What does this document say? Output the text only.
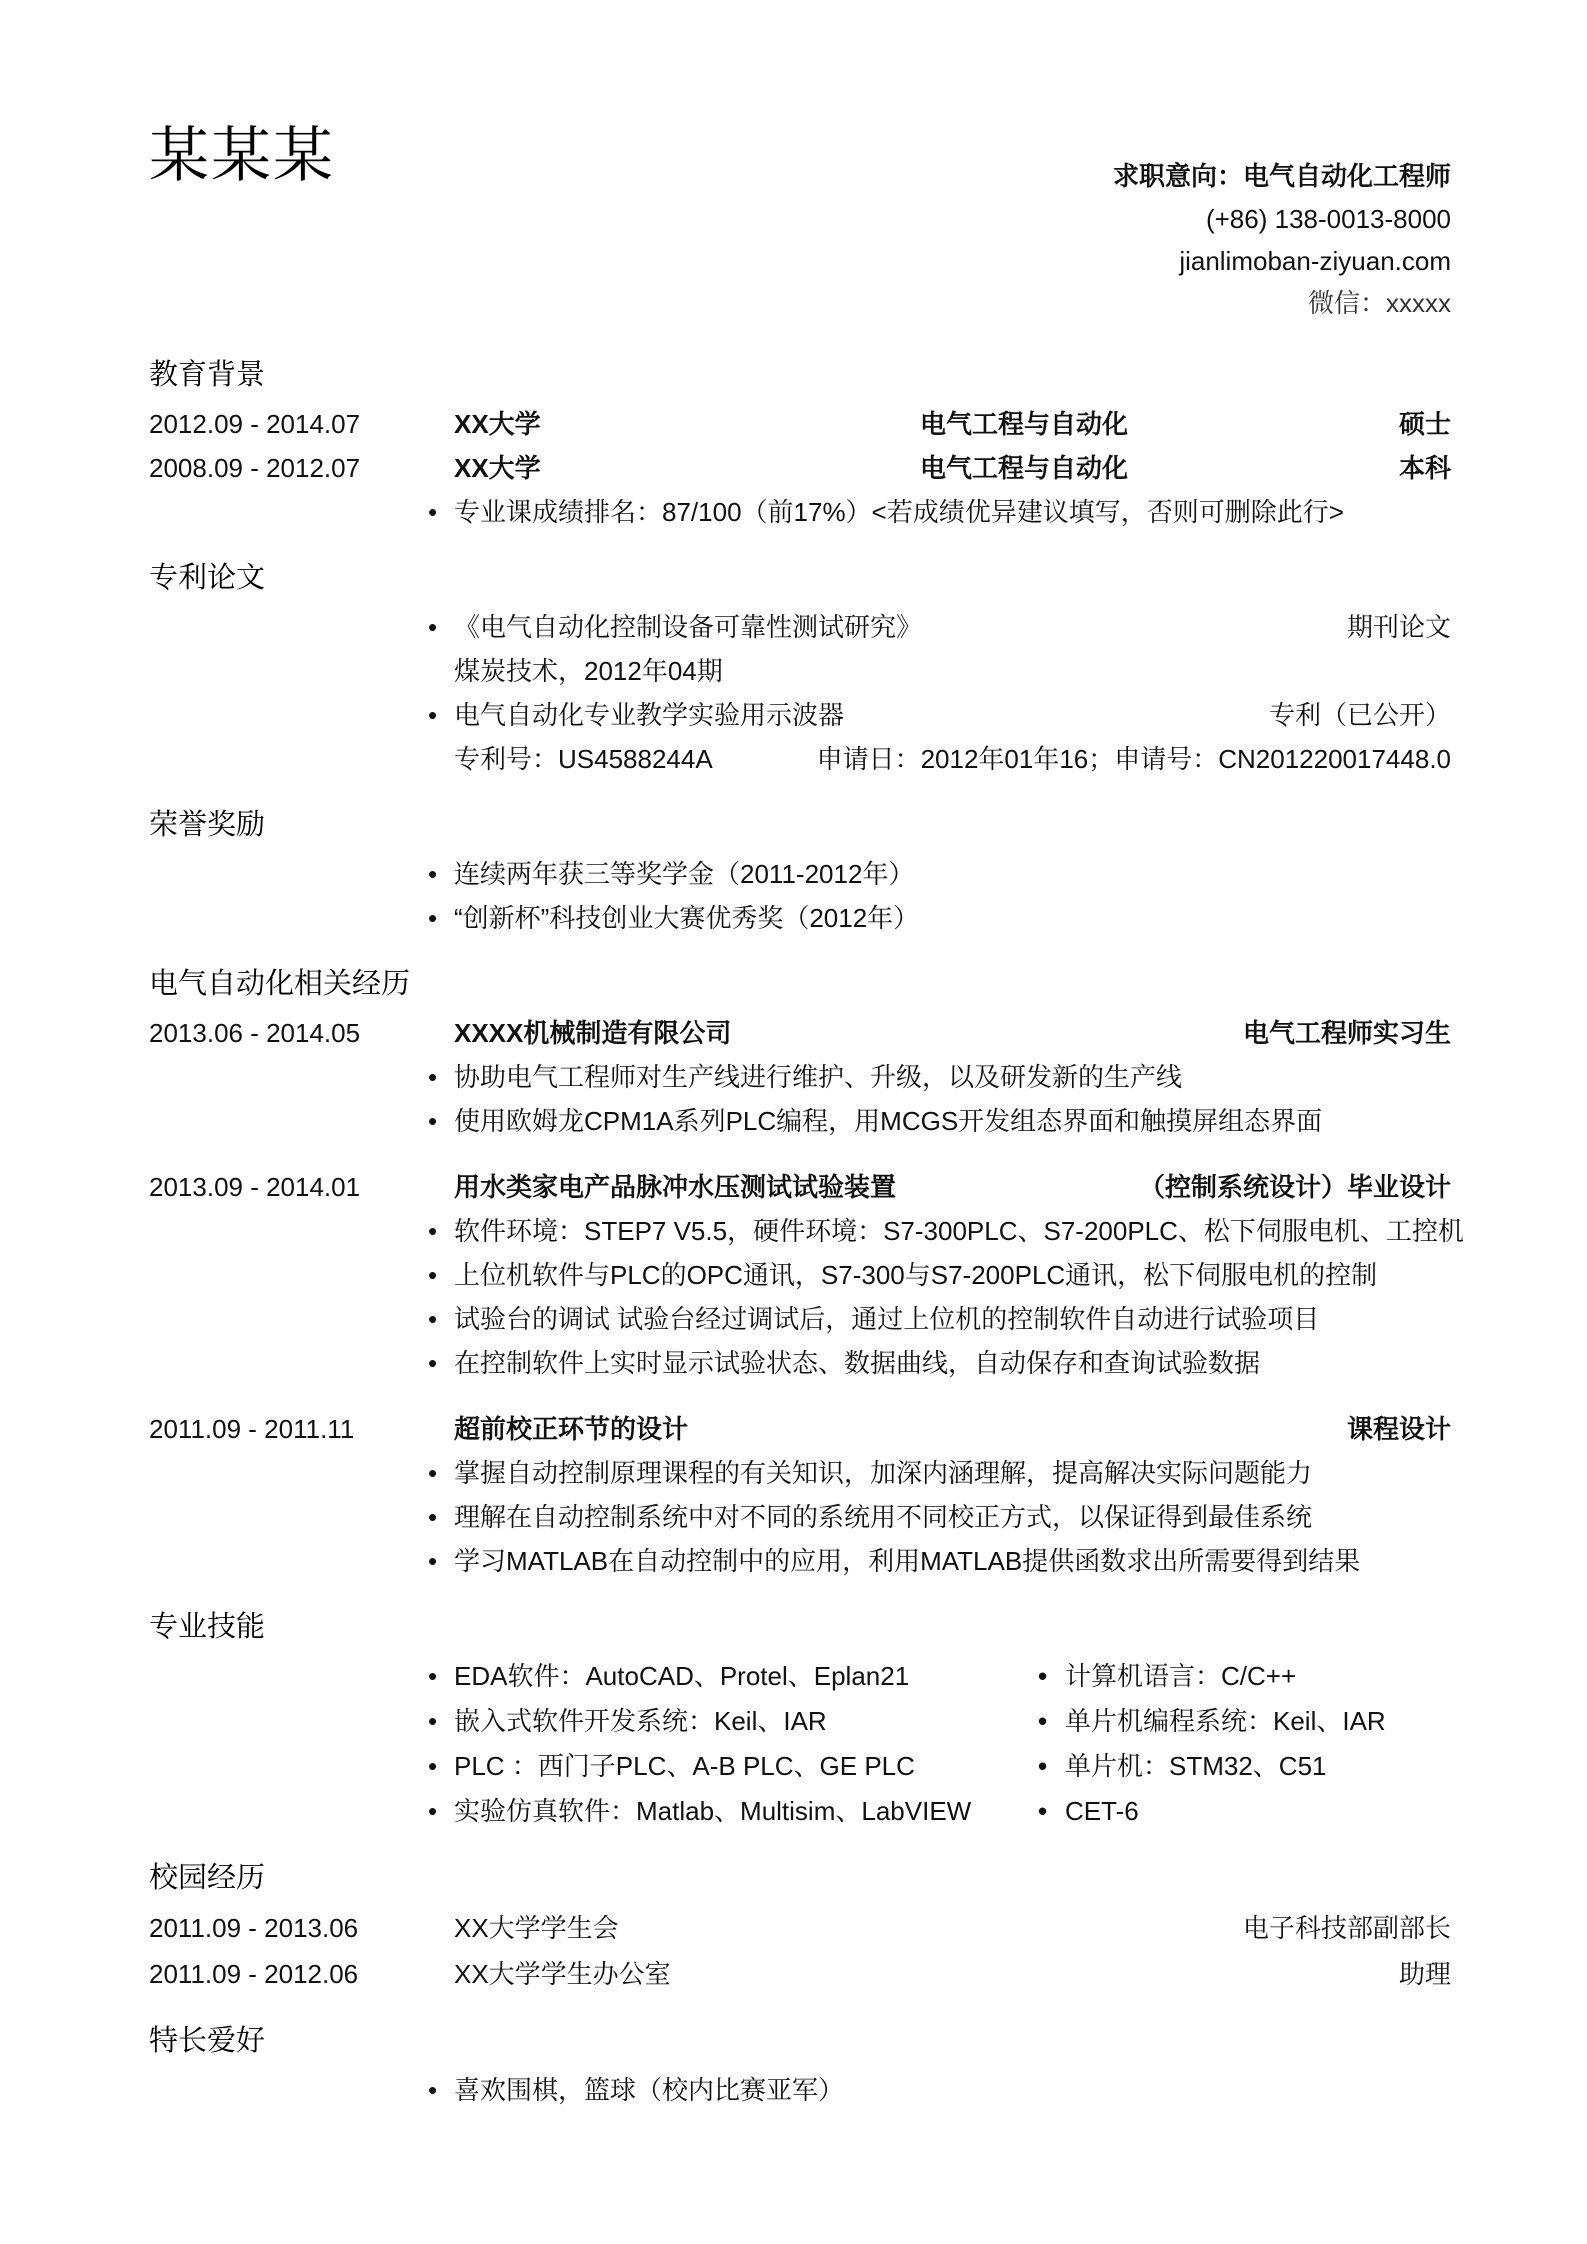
某某某	求职意向：电气自动化工程师
(+86) 138-0013-8000
jianlimoban-ziyuan.com
微信：xxxxx
教育背景
2012.09 - 2014.07	XX大学	电气工程与自动化	硕士
2008.09 - 2012.07	XX大学	电气工程与自动化	本科
• 专业课成绩排名：87/100（前17%）<若成绩优异建议填写，否则可删除此行>
专利论文
• 《电气自动化控制设备可靠性测试研究》	期刊论文
煤炭技术，2012年04期
• 电气自动化专业教学实验用示波器	专利（已公开）
专利号：US4588244A	申请日：2012年01年16；申请号：CN201220017448.0
荣誉奖励
• 连续两年获三等奖学金（2011-2012年）
• “创新杯”科技创业大赛优秀奖（2012年）
电气自动化相关经历
2013.06 - 2014.05	XXXX机械制造有限公司	电气工程师实习生
• 协助电气工程师对生产线进行维护、升级，以及研发新的生产线
• 使用欧姆龙CPM1A系列PLC编程，用MCGS开发组态界面和触摸屏组态界面
2013.09 - 2014.01	用水类家电产品脉冲水压测试试验装置	（控制系统设计）毕业设计
• 软件环境：STEP7 V5.5，硬件环境：S7-300PLC、S7-200PLC、松下伺服电机、工控机
• 上位机软件与PLC的OPC通讯，S7-300与S7-200PLC通讯，松下伺服电机的控制
• 试验台的调试 试验台经过调试后，通过上位机的控制软件自动进行试验项目
• 在控制软件上实时显示试验状态、数据曲线，自动保存和查询试验数据
2011.09 - 2011.11	超前校正环节的设计	课程设计
• 掌握自动控制原理课程的有关知识，加深内涵理解，提高解决实际问题能力
• 理解在自动控制系统中对不同的系统用不同校正方式，以保证得到最佳系统
• 学习MATLAB在自动控制中的应用，利用MATLAB提供函数求出所需要得到结果
专业技能
• EDA软件：AutoCAD、Protel、Eplan21	• 计算机语言：C/C++
• 嵌入式软件开发系统：Keil、IAR	• 单片机编程系统：Keil、IAR
• PLC ：西门子PLC、A-B PLC、GE PLC	• 单片机：STM32、C51
• 实验仿真软件：Matlab、Multisim、LabVIEW	• CET-6
校园经历
2011.09 - 2013.06	XX大学学生会	电子科技部副部长
2011.09 - 2012.06	XX大学学生办公室	助理
特长爱好
• 喜欢围棋，篮球（校内比赛亚军）
